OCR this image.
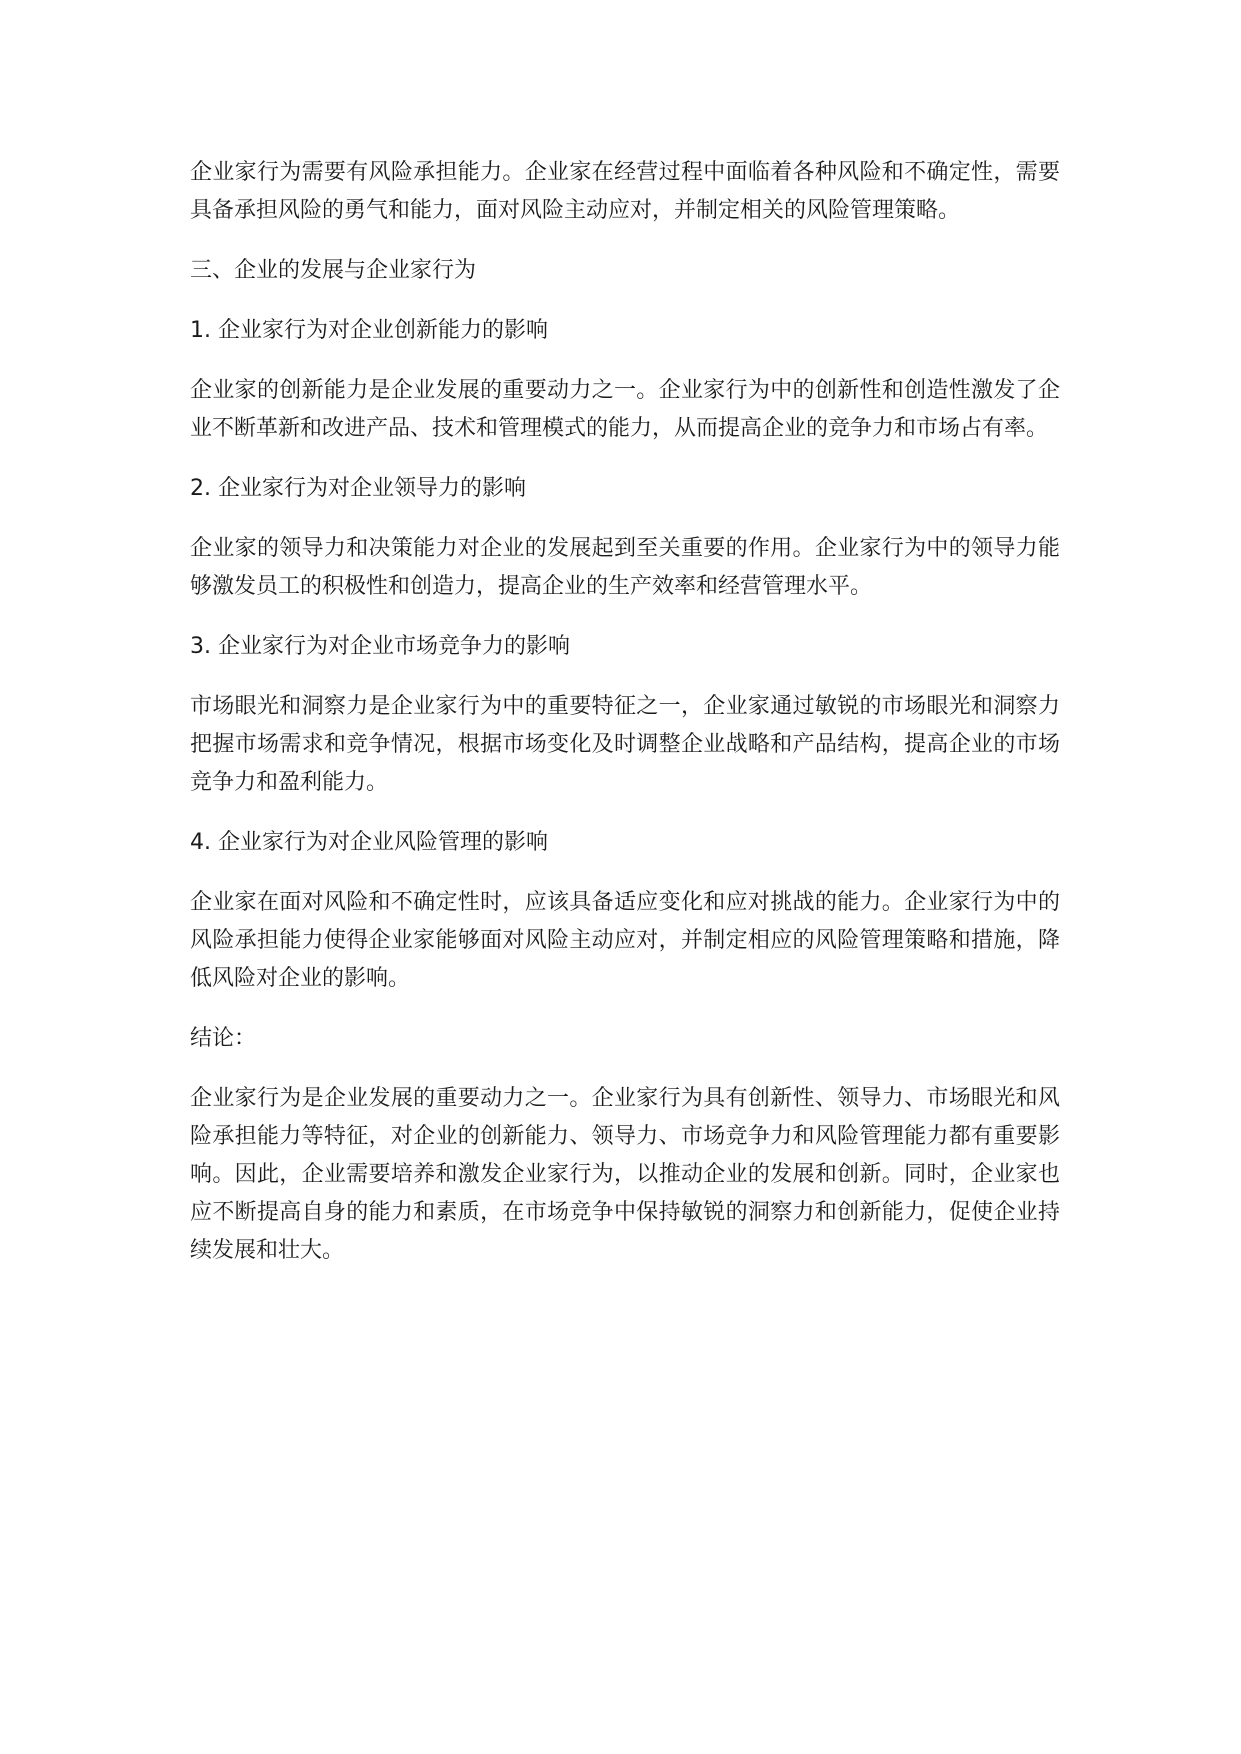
企业家行为需要有风险承担能力。企业家在经营过程中面临着各种风险和不确定性，需要具备承担风险的勇气和能力，面对风险主动应对，并制定相关的风险管理策略。

三、企业的发展与企业家行为

1. 企业家行为对企业创新能力的影响

企业家的创新能力是企业发展的重要动力之一。企业家行为中的创新性和创造性激发了企业不断革新和改进产品、技术和管理模式的能力，从而提高企业的竞争力和市场占有率。

2. 企业家行为对企业领导力的影响

企业家的领导力和决策能力对企业的发展起到至关重要的作用。企业家行为中的领导力能够激发员工的积极性和创造力，提高企业的生产效率和经营管理水平。

3. 企业家行为对企业市场竞争力的影响

市场眼光和洞察力是企业家行为中的重要特征之一，企业家通过敏锐的市场眼光和洞察力把握市场需求和竞争情况，根据市场变化及时调整企业战略和产品结构，提高企业的市场竞争力和盈利能力。

4. 企业家行为对企业风险管理的影响

企业家在面对风险和不确定性时，应该具备适应变化和应对挑战的能力。企业家行为中的风险承担能力使得企业家能够面对风险主动应对，并制定相应的风险管理策略和措施，降低风险对企业的影响。

结论：

企业家行为是企业发展的重要动力之一。企业家行为具有创新性、领导力、市场眼光和风险承担能力等特征，对企业的创新能力、领导力、市场竞争力和风险管理能力都有重要影响。因此，企业需要培养和激发企业家行为，以推动企业的发展和创新。同时，企业家也应不断提高自身的能力和素质，在市场竞争中保持敏锐的洞察力和创新能力，促使企业持续发展和壮大。
